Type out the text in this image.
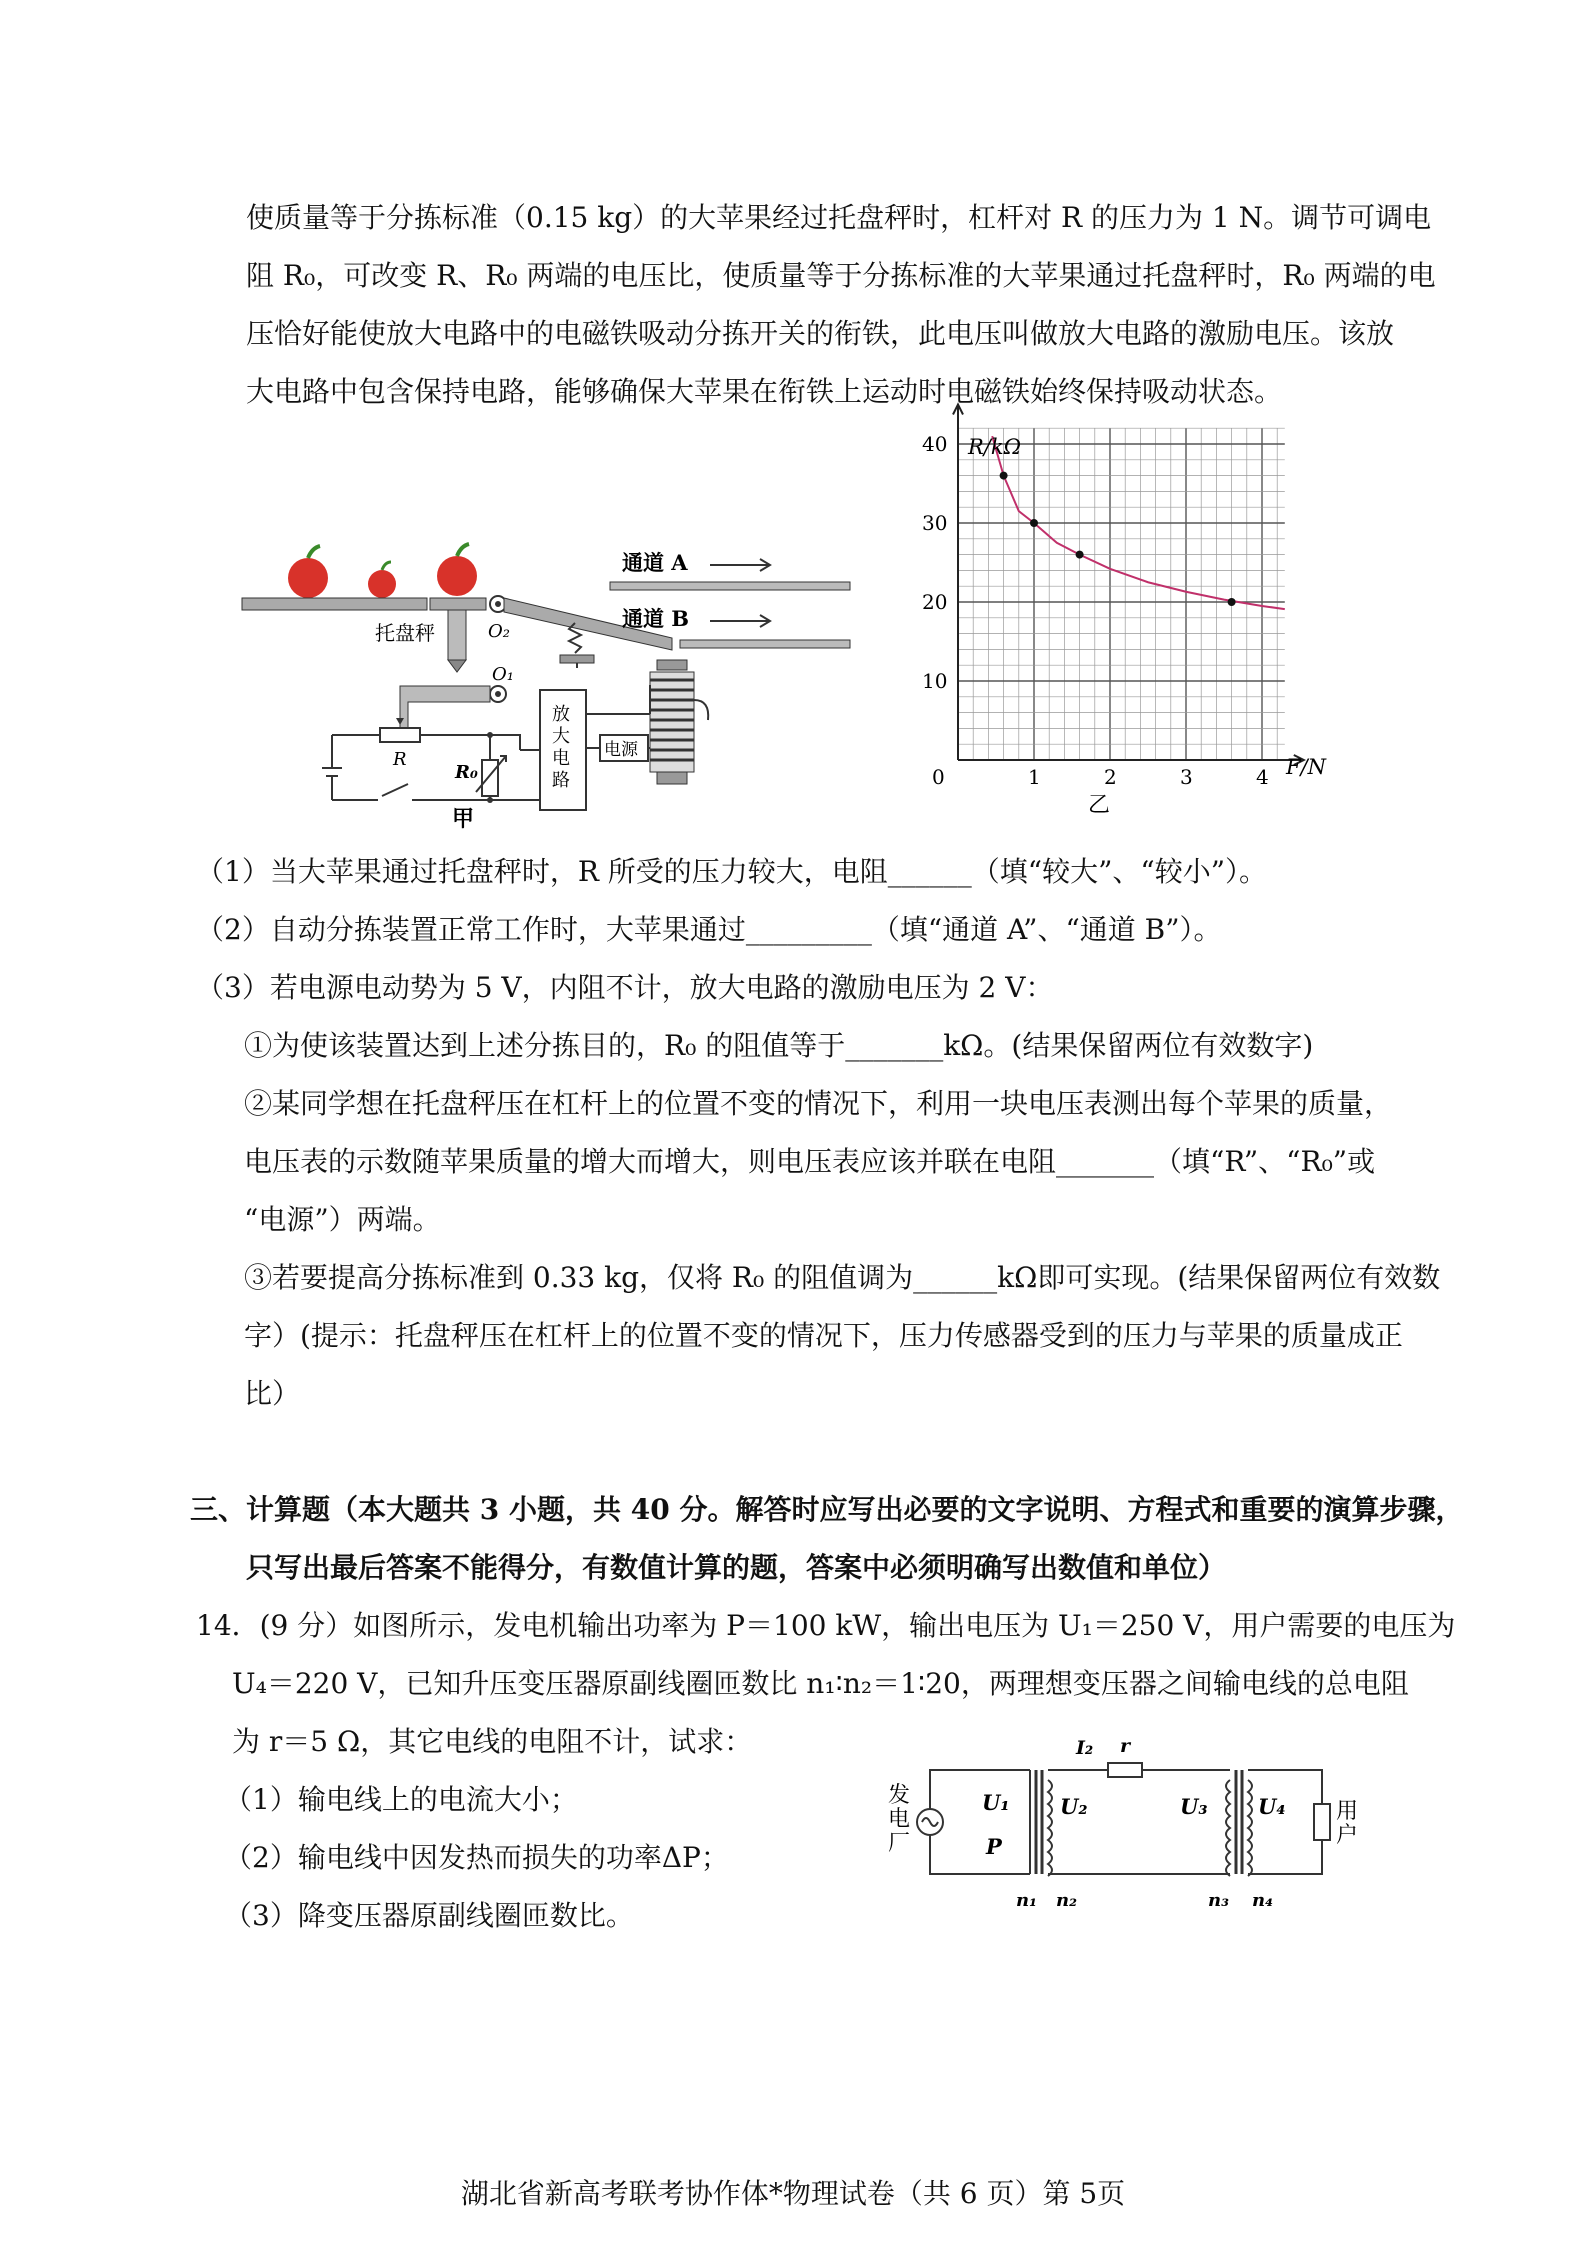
使质量等于分拣标准（0.15 kg）的大苹果经过托盘秤时，杠杆对 R 的压力为 1 N。调节可调电
阻 R₀，可改变 R、R₀ 两端的电压比，使质量等于分拣标准的大苹果通过托盘秤时，R₀ 两端的电
压恰好能使放大电路中的电磁铁吸动分拣开关的衔铁，此电压叫做放大电路的激励电压。该放
大电路中包含保持电路，能够确保大苹果在衔铁上运动时电磁铁始终保持吸动状态。
托盘秤	O₂
通道 A
通道 B
O₁
R
甲
R₀
放
大
电
路
电源
0	1	2	3	4
10
20
30
40 R/kΩ
F/N
乙
（1）当大苹果通过托盘秤时，R 所受的压力较大，电阻______（填“较大”、“较小”）。
（2）自动分拣装置正常工作时，大苹果通过_________（填“通道 A”、“通道 B”）。
（3）若电源电动势为 5 V，内阻不计，放大电路的激励电压为 2 V：
①为使该装置达到上述分拣目的，R₀ 的阻值等于_______kΩ。(结果保留两位有效数字)
②某同学想在托盘秤压在杠杆上的位置不变的情况下，利用一块电压表测出每个苹果的质量，
电压表的示数随苹果质量的增大而增大，则电压表应该并联在电阻_______（填“R”、“R₀”或
“电源”）两端。
③若要提高分拣标准到 0.33 kg，仅将 R₀ 的阻值调为______kΩ即可实现。(结果保留两位有效数
字）(提示：托盘秤压在杠杆上的位置不变的情况下，压力传感器受到的压力与苹果的质量成正
比）
三、计算题（本大题共 3 小题，共 40 分。解答时应写出必要的文字说明、方程式和重要的演算步骤，
只写出最后答案不能得分，有数值计算的题，答案中必须明确写出数值和单位）
14．(9 分）如图所示，发电机输出功率为 P＝100 kW，输出电压为 U₁＝250 V，用户需要的电压为
U₄＝220 V，已知升压变压器原副线圈匝数比 n₁∶n₂＝1∶20，两理想变压器之间输电线的总电阻
为 r＝5 Ω，其它电线的电阻不计，试求：
（1）输电线上的电流大小；
（2）输电线中因发热而损失的功率ΔP；
（3）降变压器原副线圈匝数比。
发
电
厂
U₁
P
n₁ n₂
U₂
I₂ r
U₃
n₃ n₄
U₄ 用
户
湖北省新高考联考协作体*物理试卷（共 6 页）第 5页
